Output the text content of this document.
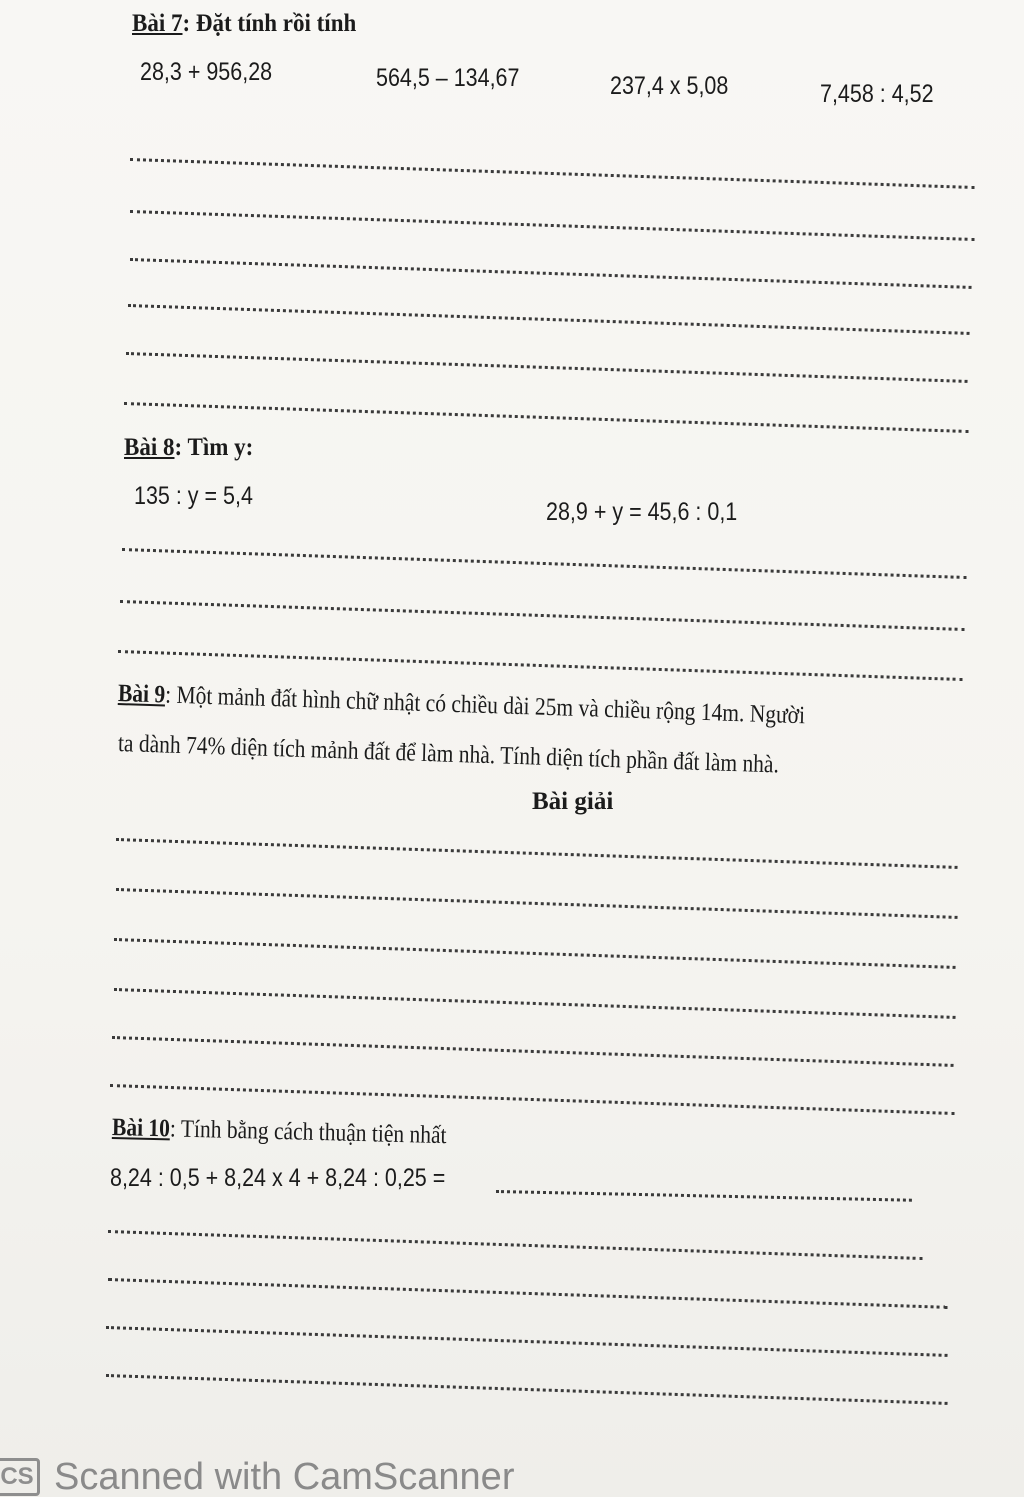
Bài 7: Đặt tính rồi tính
28,3 + 956,28	564,5 – 134,67	237,4 x 5,08	7,458 : 4,52
Bài 8: Tìm y:
135 : y = 5,4
28,9 + y = 45,6 : 0,1
Bài 9: Một mảnh đất hình chữ nhật có chiều dài 25m và chiều rộng 14m. Người
ta dành 74% diện tích mảnh đất để làm nhà. Tính diện tích phần đất làm nhà.
Bài giải
Bài 10: Tính bằng cách thuận tiện nhất
8,24 : 0,5 + 8,24 x 4 + 8,24 : 0,25 =
CS Scanned with CamScanner
